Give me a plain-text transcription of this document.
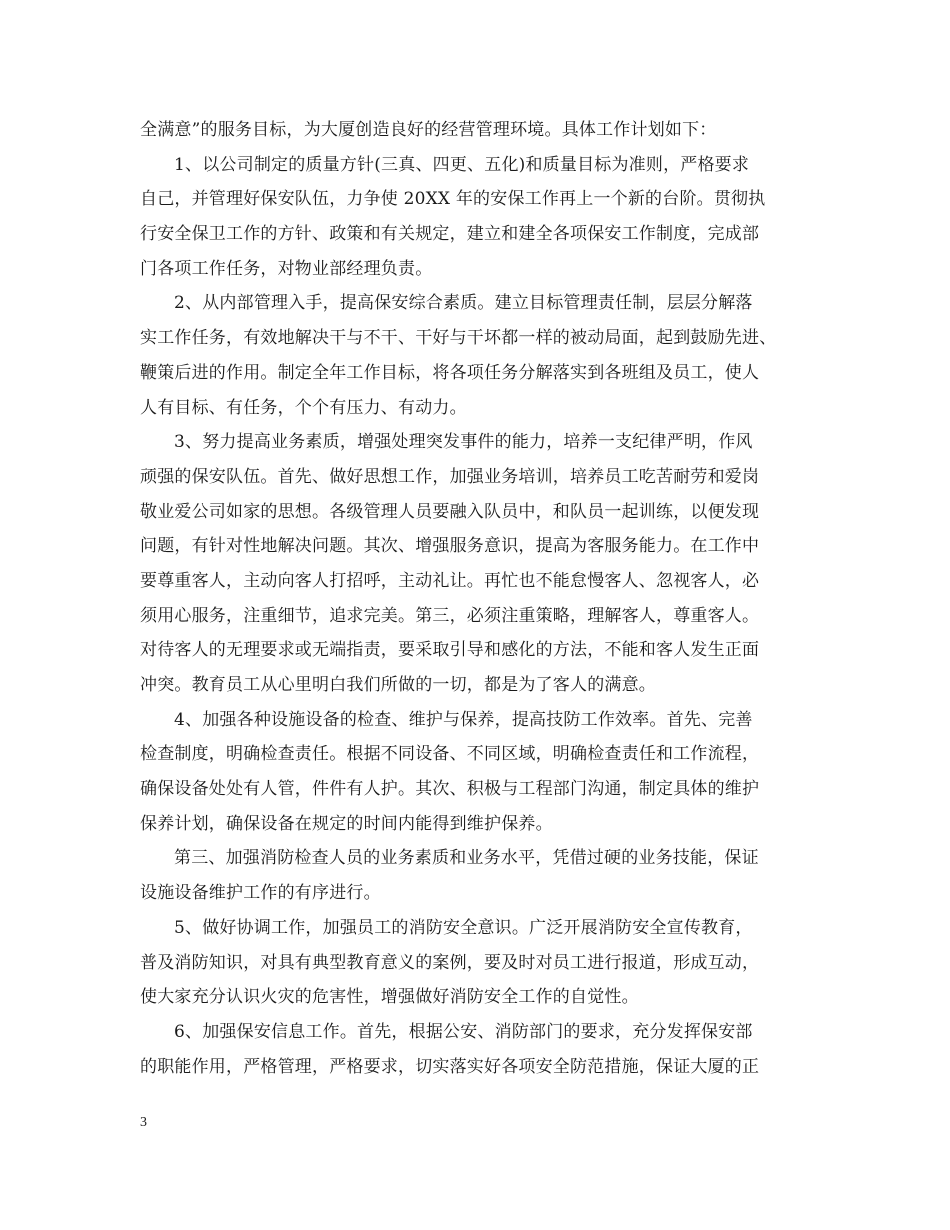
全满意”的服务目标，为大厦创造良好的经营管理环境。具体工作计划如下：
1、以公司制定的质量方针(三真、四更、五化)和质量目标为准则，严格要求
自己，并管理好保安队伍，力争使 20XX 年的安保工作再上一个新的台阶。贯彻执
行安全保卫工作的方针、政策和有关规定，建立和建全各项保安工作制度，完成部
门各项工作任务，对物业部经理负责。
2、从内部管理入手，提高保安综合素质。建立目标管理责任制，层层分解落
实工作任务，有效地解决干与不干、干好与干坏都一样的被动局面，起到鼓励先进、
鞭策后进的作用。制定全年工作目标，将各项任务分解落实到各班组及员工，使人
人有目标、有任务，个个有压力、有动力。
3、努力提高业务素质，增强处理突发事件的能力，培养一支纪律严明，作风
顽强的保安队伍。首先、做好思想工作，加强业务培训，培养员工吃苦耐劳和爱岗
敬业爱公司如家的思想。各级管理人员要融入队员中，和队员一起训练，以便发现
问题，有针对性地解决问题。其次、增强服务意识，提高为客服务能力。在工作中
要尊重客人，主动向客人打招呼，主动礼让。再忙也不能怠慢客人、忽视客人，必
须用心服务，注重细节，追求完美。第三，必须注重策略，理解客人，尊重客人。
对待客人的无理要求或无端指责，要采取引导和感化的方法，不能和客人发生正面
冲突。教育员工从心里明白我们所做的一切，都是为了客人的满意。
4、加强各种设施设备的检查、维护与保养，提高技防工作效率。首先、完善
检查制度，明确检查责任。根据不同设备、不同区域，明确检查责任和工作流程，
确保设备处处有人管，件件有人护。其次、积极与工程部门沟通，制定具体的维护
保养计划，确保设备在规定的时间内能得到维护保养。
第三、加强消防检查人员的业务素质和业务水平，凭借过硬的业务技能，保证
设施设备维护工作的有序进行。
5、做好协调工作，加强员工的消防安全意识。广泛开展消防安全宣传教育，
普及消防知识，对具有典型教育意义的案例，要及时对员工进行报道，形成互动，
使大家充分认识火灾的危害性，增强做好消防安全工作的自觉性。
6、加强保安信息工作。首先，根据公安、消防部门的要求，充分发挥保安部
的职能作用，严格管理，严格要求，切实落实好各项安全防范措施，保证大厦的正
3
